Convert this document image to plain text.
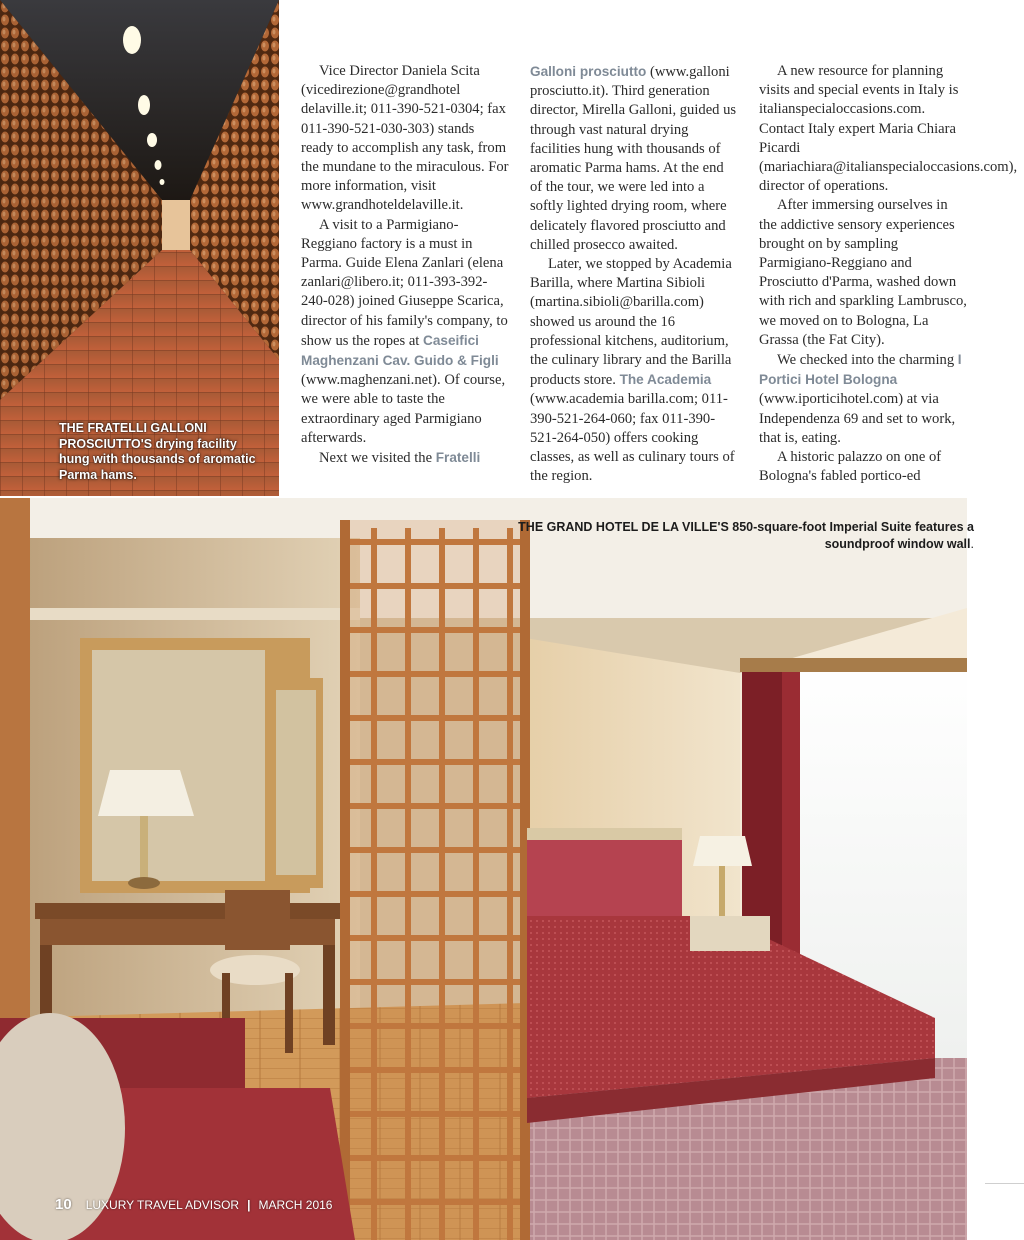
THE FRATELLI GALLONI PROSCIUTTO'S drying facility hung with thousands of aromatic Parma hams.

Vice Director Daniela Scita (vicedirezione@grandhotel delaville.it; 011-390-521-0304; fax 011-390-521-030-303) stands ready to accomplish any task, from the mundane to the miraculous. For more information, visit www.grandhoteldelaville.it.

A visit to a Parmigiano-Reggiano factory is a must in Parma. Guide Elena Zanlari (elena zanlari@libero.it; 011-393-392-240-028) joined Giuseppe Scarica, director of his family's company, to show us the ropes at Caseifici Maghenzani Cav. Guido & Figli (www.maghenzani.net). Of course, we were able to taste the extraordinary aged Parmigiano afterwards.

Next we visited the Fratelli

Galloni prosciutto (www.galloni prosciutto.it). Third generation director, Mirella Galloni, guided us through vast natural drying facilities hung with thousands of aromatic Parma hams. At the end of the tour, we were led into a softly lighted drying room, where delicately flavored prosciutto and chilled prosecco awaited.

Later, we stopped by Academia Barilla, where Martina Sibioli (martina.sibioli@barilla.com) showed us around the 16 professional kitchens, auditorium, the culinary library and the Barilla products store. The Academia (www.academia barilla.com; 011-390-521-264-060; fax 011-390-521-264-050) offers cooking classes, as well as culinary tours of the region.

A new resource for planning visits and special events in Italy is italianspecialoccasions.com. Contact Italy expert Maria Chiara Picardi (mariachiara@italianspecialoccasions.com), director of operations.

After immersing ourselves in the addictive sensory experiences brought on by sampling Parmigiano-Reggiano and Prosciutto d'Parma, washed down with rich and sparkling Lambrusco, we moved on to Bologna, La Grassa (the Fat City).

We checked into the charming I Portici Hotel Bologna (www.iporticihotel.com) at via Independenza 69 and set to work, that is, eating.

A historic palazzo on one of Bologna's fabled portico-ed

THE GRAND HOTEL DE LA VILLE'S 850-square-foot Imperial Suite features a soundproof window wall.
10 LUXURY TRAVEL ADVISOR | MARCH 2016
